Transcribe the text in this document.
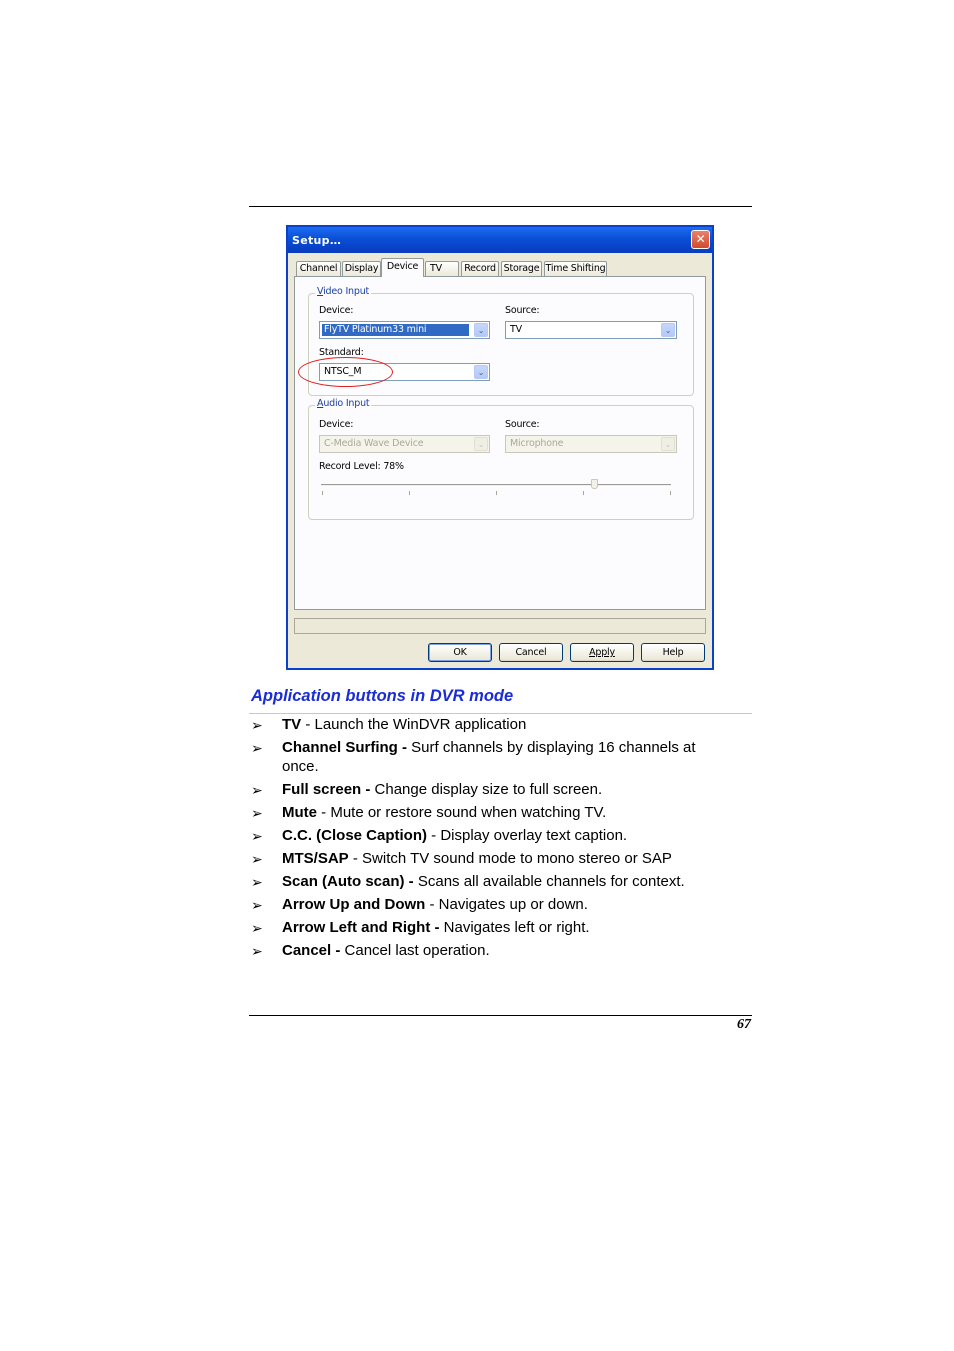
Setup…	✕
Channel Display Device	TV	Record Storage Time Shifting
Video Input
Device:
FlyTV Platinum33 mini	⌄
Source:
TV	⌄
Standard:
NTSC_M	⌄
Audio Input
Device:
C-Media Wave Device	⌄
Source:
Microphone	⌄
Record Level: 78%
OK	Cancel	Apply	Help
Application buttons in DVR mode
➢ TV - Launch the WinDVR application
➢ Channel Surfing - Surf channels by displaying 16 channels at once.
➢ Full screen - Change display size to full screen.
➢ Mute - Mute or restore sound when watching TV.
➢ C.C. (Close Caption) - Display overlay text caption.
➢ MTS/SAP - Switch TV sound mode to mono stereo or SAP
➢ Scan (Auto scan) - Scans all available channels for context.
➢ Arrow Up and Down - Navigates up or down.
➢ Arrow Left and Right - Navigates left or right.
➢ Cancel - Cancel last operation.
67
